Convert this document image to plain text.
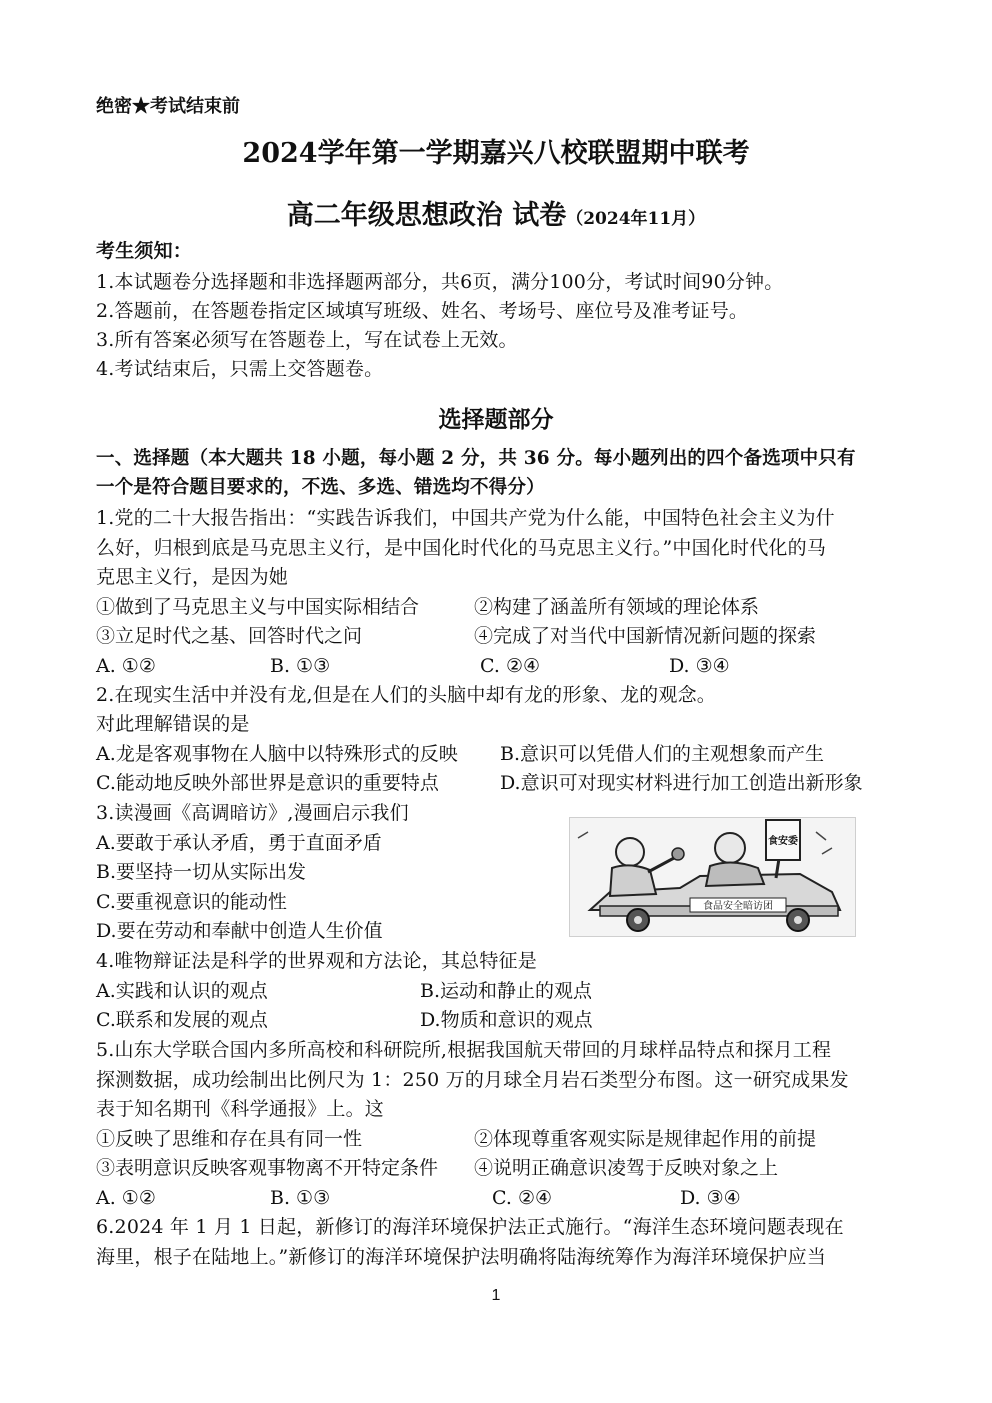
绝密★考试结束前
2024学年第一学期嘉兴八校联盟期中联考
高二年级思想政治 试卷（2024年11月）
考生须知：
1.本试题卷分选择题和非选择题两部分，共6页，满分100分，考试时间90分钟。
2.答题前，在答题卷指定区域填写班级、姓名、考场号、座位号及准考证号。
3.所有答案必须写在答题卷上，写在试卷上无效。
4.考试结束后，只需上交答题卷。
选择题部分
一、选择题（本大题共 18 小题，每小题 2 分，共 36 分。每小题列出的四个备选项中只有
一个是符合题目要求的，不选、多选、错选均不得分）
1.党的二十大报告指出：“实践告诉我们，中国共产党为什么能，中国特色社会主义为什
么好，归根到底是马克思主义行，是中国化时代化的马克思主义行。”中国化时代化的马
克思主义行，是因为她
①做到了马克思主义与中国实际相结合	②构建了涵盖所有领域的理论体系
③立足时代之基、回答时代之问	④完成了对当代中国新情况新问题的探索
A. ①②	B. ①③	C. ②④	D. ③④
2.在现实生活中并没有龙,但是在人们的头脑中却有龙的形象、龙的观念。
对此理解错误的是
A.龙是客观事物在人脑中以特殊形式的反映 B.意识可以凭借人们的主观想象而产生
C.能动地反映外部世界是意识的重要特点	D.意识可对现实材料进行加工创造出新形象
3.读漫画《高调暗访》,漫画启示我们
A.要敢于承认矛盾，勇于直面矛盾
B.要坚持一切从实际出发
C.要重视意识的能动性
D.要在劳动和奉献中创造人生价值
食品安全暗访团
食安委
4.唯物辩证法是科学的世界观和方法论，其总特征是
A.实践和认识的观点	B.运动和静止的观点
C.联系和发展的观点	D.物质和意识的观点
5.山东大学联合国内多所高校和科研院所,根据我国航天带回的月球样品特点和探月工程
探测数据，成功绘制出比例尺为 1：250 万的月球全月岩石类型分布图。这一研究成果发
表于知名期刊《科学通报》上。这
①反映了思维和存在具有同一性	②体现尊重客观实际是规律起作用的前提
③表明意识反映客观事物离不开特定条件 ④说明正确意识凌驾于反映对象之上
A. ①②	B. ①③	C. ②④	D. ③④
6.2024 年 1 月 1 日起，新修订的海洋环境保护法正式施行。“海洋生态环境问题表现在
海里，根子在陆地上。”新修订的海洋环境保护法明确将陆海统筹作为海洋环境保护应当
1
